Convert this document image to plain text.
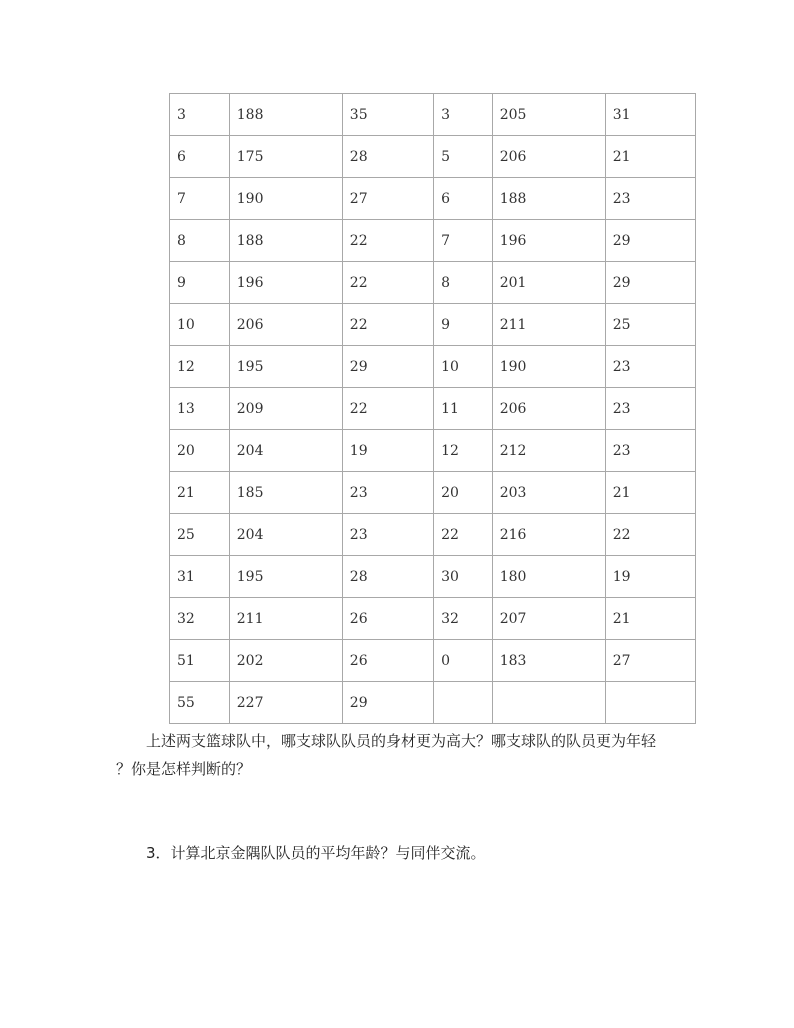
3	188	35	3	205	31
6	175	28	5	206	21
7	190	27	6	188	23
8	188	22	7	196	29
9	196	22	8	201	29
10	206	22	9	211	25
12	195	29	10	190	23
13	209	22	11	206	23
20	204	19	12	212	23
21	185	23	20	203	21
25	204	23	22	216	22
31	195	28	30	180	19
32	211	26	32	207	21
51	202	26	0	183	27
55	227	29			
上述两支篮球队中，哪支球队队员的身材更为高大？哪支球队的队员更为年轻
？你是怎样判断的？
3．计算北京金隅队队员的平均年龄？与同伴交流。
